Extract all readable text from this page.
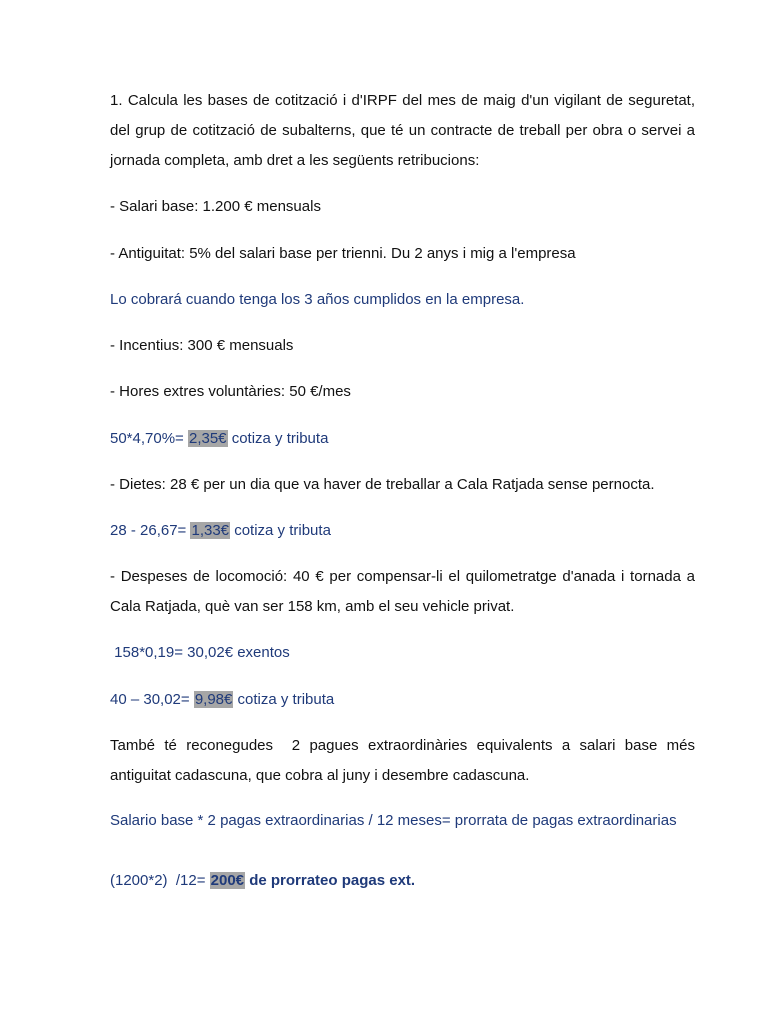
1. Calcula les bases de cotització i d'IRPF del mes de maig d'un vigilant de seguretat, del grup de cotització de subalterns, que té un contracte de treball per obra o servei a jornada completa, amb dret a les següents retribucions:

- Salari base: 1.200 € mensuals

- Antiguitat: 5% del salari base per trienni. Du 2 anys i mig a l'empresa

Lo cobrará cuando tenga los 3 años cumplidos en la empresa.

- Incentius: 300 € mensuals

- Hores extres voluntàries: 50 €/mes

50*4,70%= 2,35€ cotiza y tributa

- Dietes: 28 € per un dia que va haver de treballar a Cala Ratjada sense pernocta.

28 - 26,67= 1,33€ cotiza y tributa

- Despeses de locomoció: 40 € per compensar-li el quilometratge d'anada i tornada a Cala Ratjada, què van ser 158 km, amb el seu vehicle privat.

158*0,19= 30,02€ exentos

40 – 30,02= 9,98€ cotiza y tributa

També té reconegudes  2 pagues extraordinàries equivalents a salari base més antiguitat cadascuna, que cobra al juny i desembre cadascuna.

Salario base * 2 pagas extraordinarias / 12 meses= prorrata de pagas extraordinarias

(1200*2)  /12= 200€ de prorrateo pagas ext.
